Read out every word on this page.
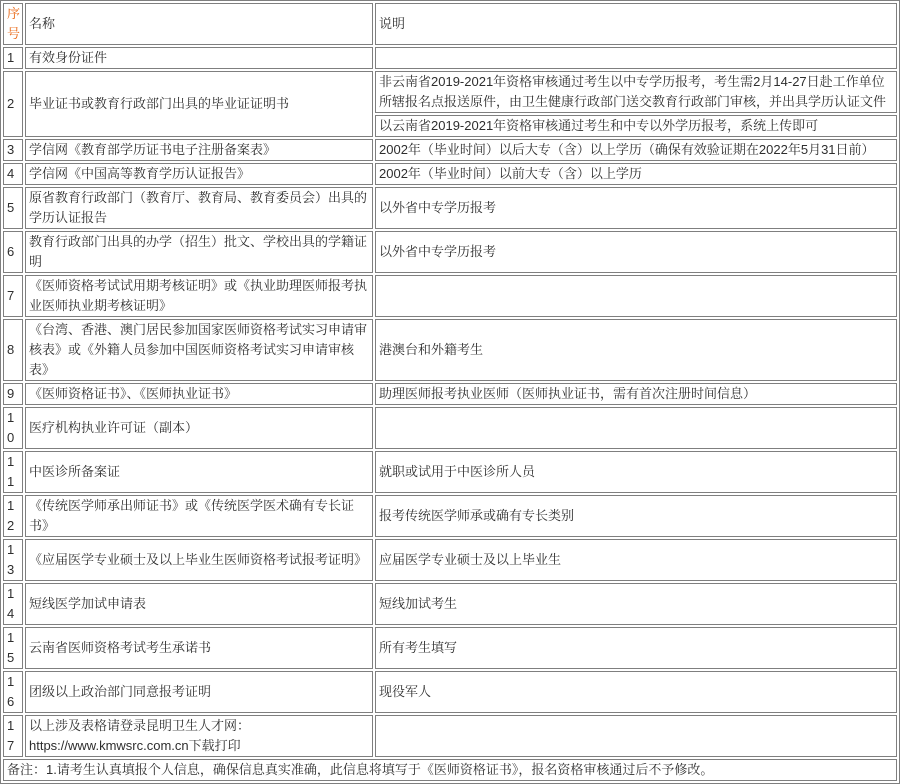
序号	名称	说明
1	有效身份证件	
2	毕业证书或教育行政部门出具的毕业证证明书	非云南省2019-2021年资格审核通过考生以中专学历报考，考生需2月14-27日赴工作单位所辖报名点报送原件，由卫生健康行政部门送交教育行政部门审核，并出具学历认证文件
		以云南省2019-2021年资格审核通过考生和中专以外学历报考，系统上传即可
3	学信网《教育部学历证书电子注册备案表》	2002年（毕业时间）以后大专（含）以上学历（确保有效验证期在2022年5月31日前）
4	学信网《中国高等教育学历认证报告》	2002年（毕业时间）以前大专（含）以上学历
5	原省教育行政部门（教育厅、教育局、教育委员会）出具的学历认证报告	以外省中专学历报考
6	教育行政部门出具的办学（招生）批文、学校出具的学籍证明	以外省中专学历报考
7	《医师资格考试试用期考核证明》或《执业助理医师报考执业医师执业期考核证明》	
8	《台湾、香港、澳门居民参加国家医师资格考试实习申请审核表》或《外籍人员参加中国医师资格考试实习申请审核表》	港澳台和外籍考生
9	《医师资格证书》、《医师执业证书》	助理医师报考执业医师（医师执业证书，需有首次注册时间信息）
10	医疗机构执业许可证（副本）	
11	中医诊所备案证	就职或试用于中医诊所人员
12	《传统医学师承出师证书》或《传统医学医术确有专长证书》	报考传统医学师承或确有专长类别
13	《应届医学专业硕士及以上毕业生医师资格考试报考证明》	应届医学专业硕士及以上毕业生
14	短线医学加试申请表	短线加试考生
15	云南省医师资格考试考生承诺书	所有考生填写
16	团级以上政治部门同意报考证明	现役军人
17	以上涉及表格请登录昆明卫生人才网：
https://www.kmwsrc.com.cn下载打印	

备注：1.请考生认真填报个人信息，确保信息真实准确，此信息将填写于《医师资格证书》，报名资格审核通过后不予修改。		
